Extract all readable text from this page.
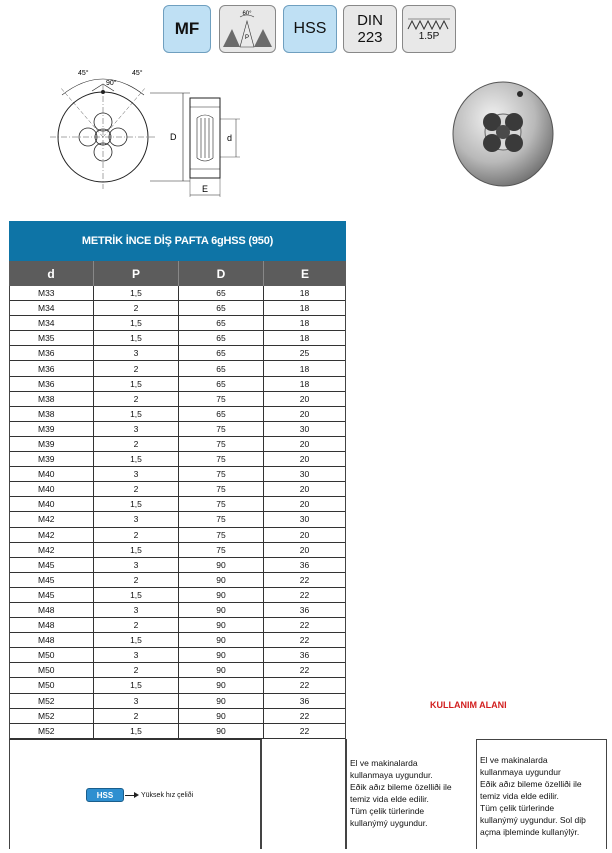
MF
60°
P
HSS DIN
223	1.5P
45°	45°
90°
D	d
E
METRİK İNCE DİŞ PAFTA 6gHSS (950)
d	P	D	E
M33	1,5	65	18
M34	2	65	18
M34	1,5	65	18
M35	1,5	65	18
M36	3	65	25
M36	2	65	18
M36	1,5	65	18
M38	2	75	20
M38	1,5	65	20
M39	3	75	30
M39	2	75	20
M39	1,5	75	20
M40	3	75	30
M40	2	75	20
M40	1,5	75	20
M42	3	75	30
M42	2	75	20
M42	1,5	75	20
M45	3	90	36
M45	2	90	22
M45	1,5	90	22
M48	3	90	36
M48	2	90	22
M48	1,5	90	22
M50	3	90	36
M50	2	90	22
M50	1,5	90	22
M52	3	90	36
M52	2	90	22
M52	1,5	90	22
KULLANIM ALANI
HSS	Yüksek hız çeliði

El ve makinalarda

kullanmaya uygundur.

Eðik aðız bileme özelliði ile

temiz vida elde edilir.

Tüm çelik türlerinde

kullanýmý uygundur.

El ve makinalarda

kullanmaya uygundur

Eðik aðız bileme özelliði ile

temiz vida elde edilir.

Tüm çelik türlerinde

kullanýmý uygundur. Sol diþ

açma iþleminde kullanýlýr.
